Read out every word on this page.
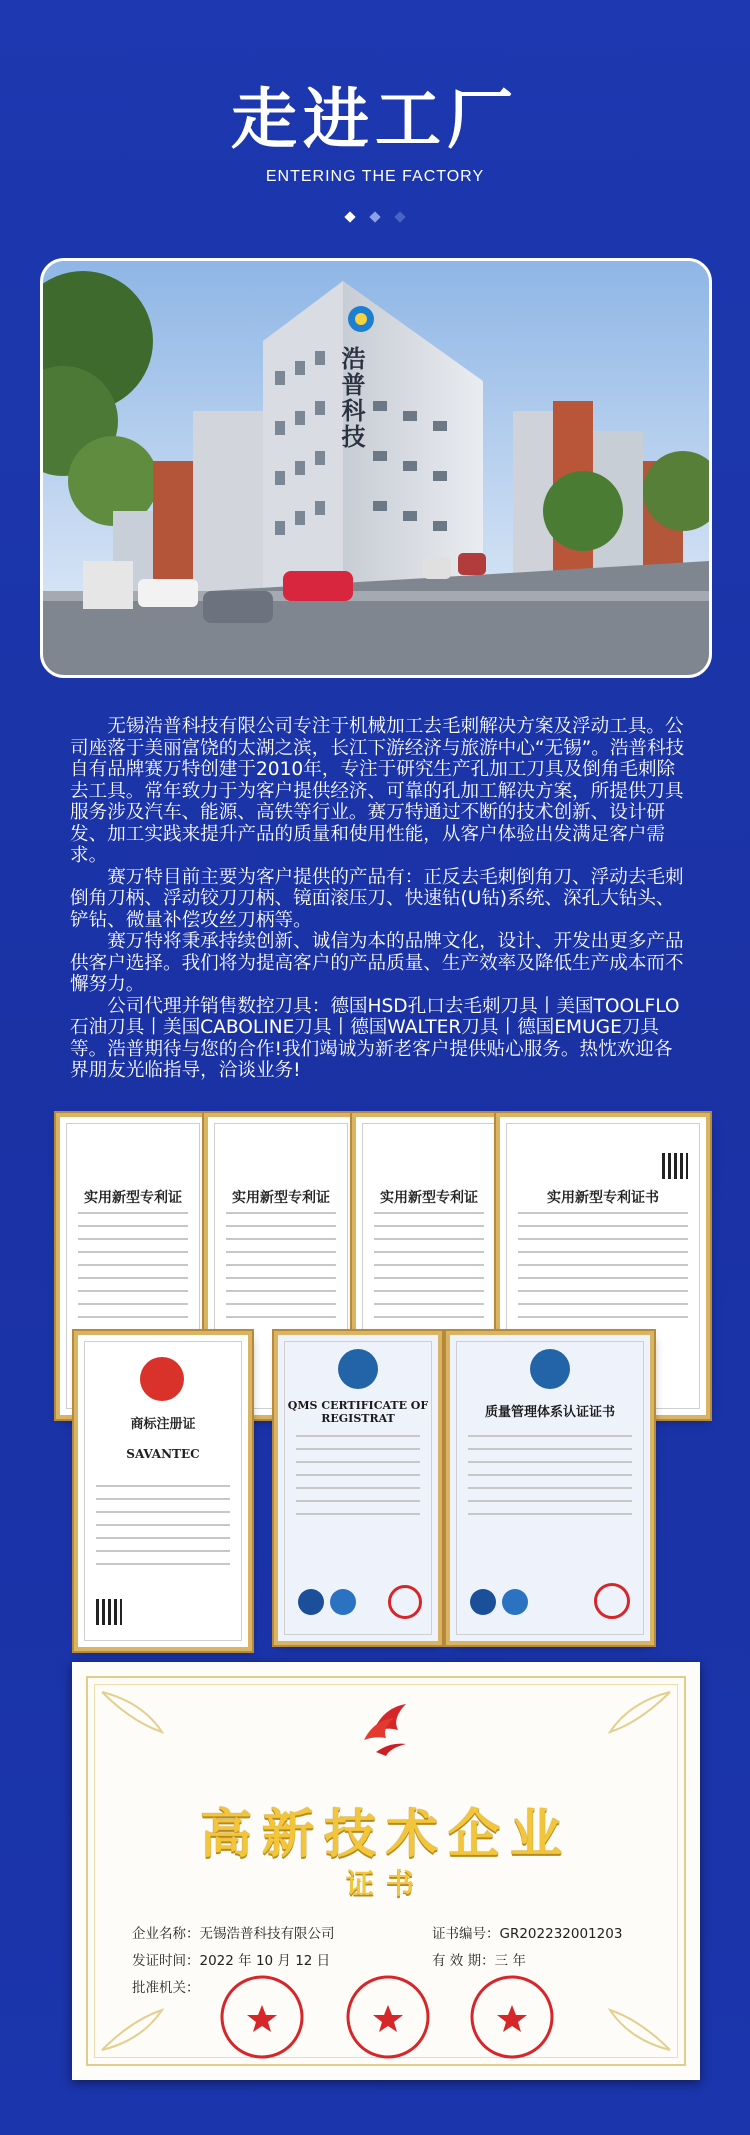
走进工厂
ENTERING THE FACTORY

浩普科技

无锡浩普科技有限公司专注于机械加工去毛刺解决方案及浮动工具。公司座落于美丽富饶的太湖之滨，长江下游经济与旅游中心“无锡”。浩普科技自有品牌赛万特创建于2010年，专注于研究生产孔加工刀具及倒角毛刺除去工具。常年致力于为客户提供经济、可靠的孔加工解决方案，所提供刀具服务涉及汽车、能源、高铁等行业。赛万特通过不断的技术创新、设计研发、加工实践来提升产品的质量和使用性能，从客户体验出发满足客户需求。

赛万特目前主要为客户提供的产品有：正反去毛刺倒角刀、浮动去毛刺倒角刀柄、浮动铰刀刀柄、镜面滚压刀、快速钻(U钻)系统、深孔大钻头、铲钻、微量补偿攻丝刀柄等。

赛万特将秉承持续创新、诚信为本的品牌文化，设计、开发出更多产品供客户选择。我们将为提高客户的产品质量、生产效率及降低生产成本而不懈努力。

公司代理并销售数控刀具：德国HSD孔口去毛刺刀具丨美国TOOLFLO石油刀具丨美国CABOLINE刀具丨德国WALTER刀具丨德国EMUGE刀具等。浩普期待与您的合作!我们竭诚为新老客户提供贴心服务。热忱欢迎各界朋友光临指导，洽谈业务!

实用新型专利证	实用新型专利证	实用新型专利证	实用新型专利证书
商标注册证
SAVANTEC
QMS CERTIFICATE OF REGISTRAT	质量管理体系认证证书
高新技术企业
证书
企业名称：无锡浩普科技有限公司	证书编号：GR202232001203
发证时间：2022 年 10 月 12 日	有 效 期：三 年
批准机关：
